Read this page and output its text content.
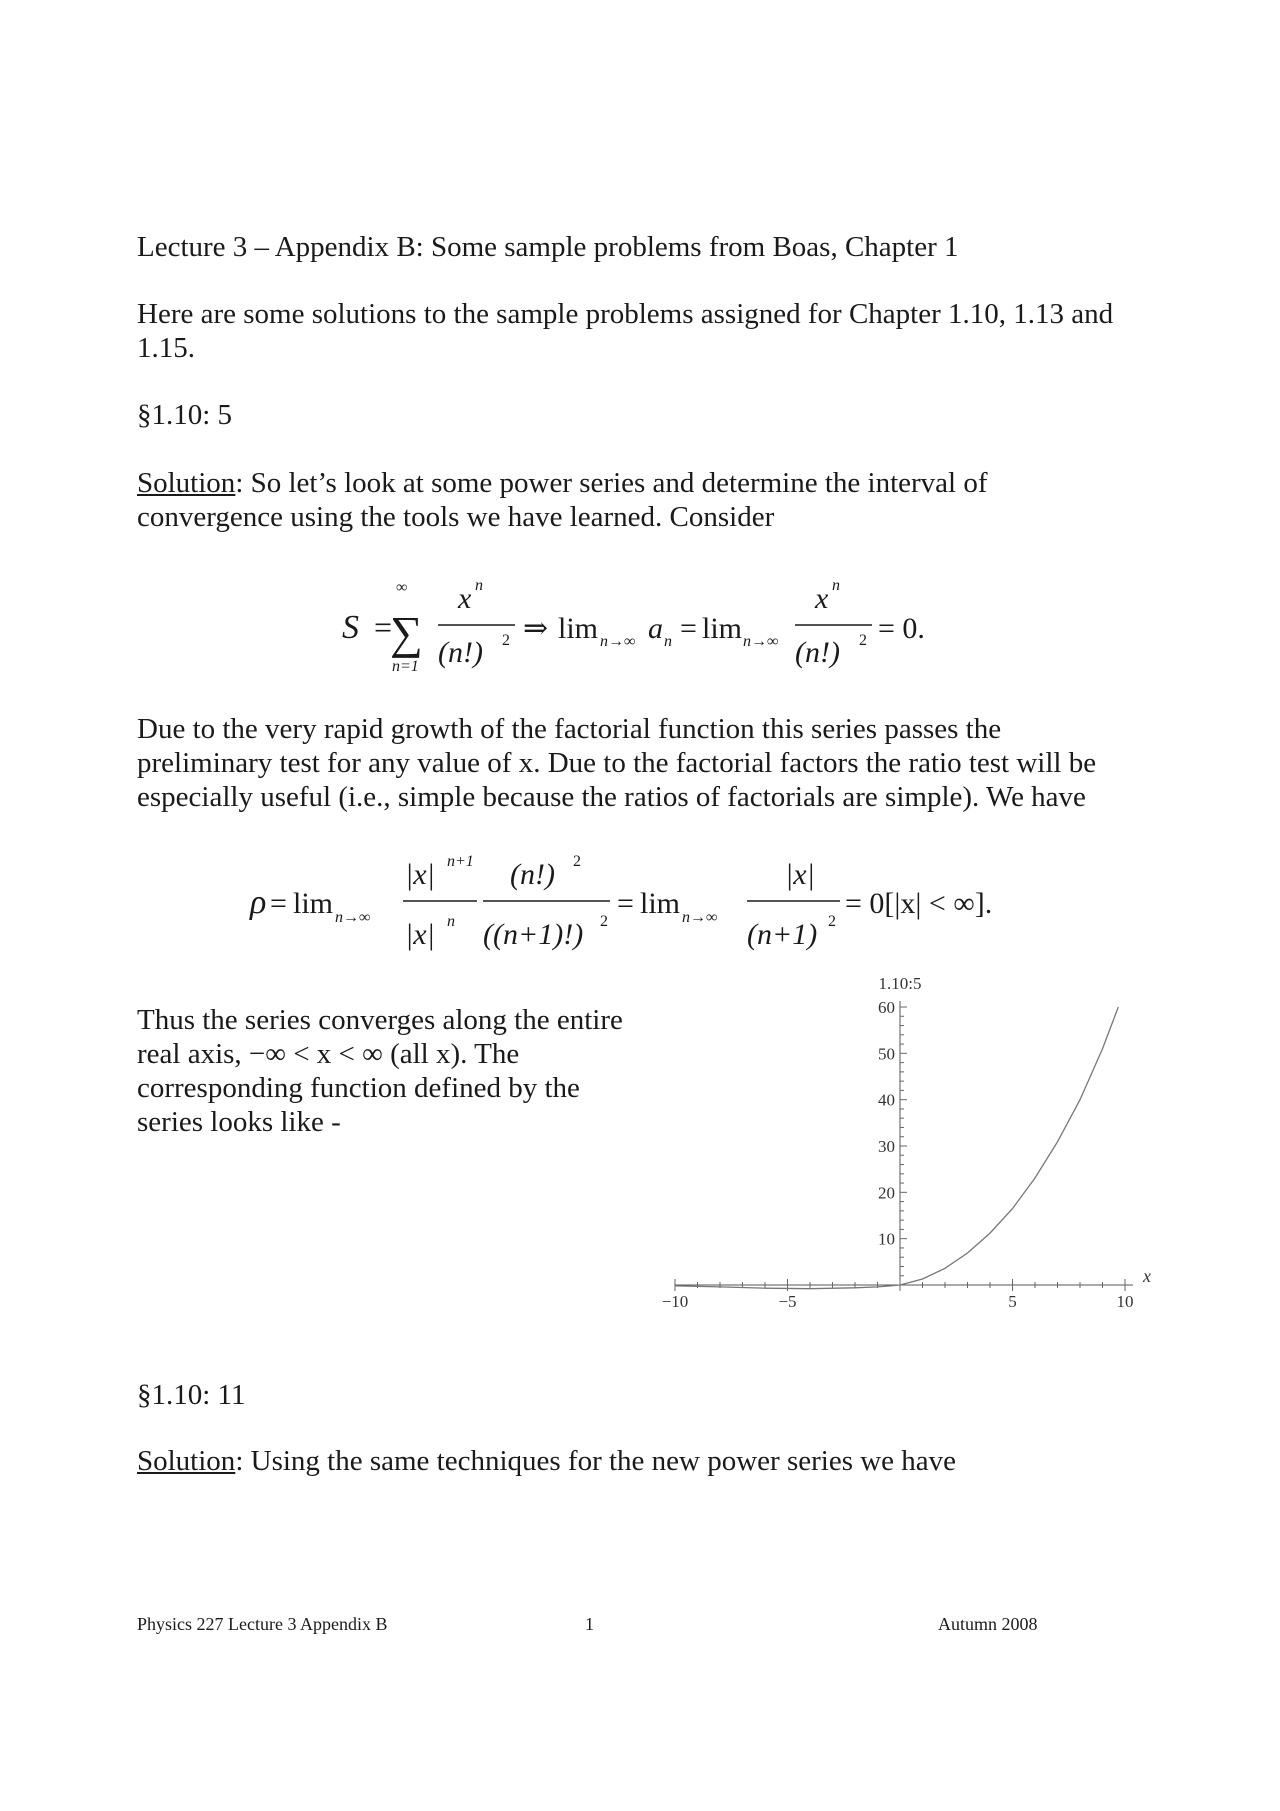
Lecture 3 – Appendix B: Some sample problems from Boas, Chapter 1
Here are some solutions to the sample problems assigned for Chapter 1.10, 1.13 and
1.15.
§1.10: 5
Solution: So let’s look at some power series and determine the interval of
convergence using the tools we have learned. Consider
S =
∞
∑
n=1
x n
(n!) 2 ⇒ lim n→∞ a n = lim n→∞
x n
(n!) 2 = 0.
Due to the very rapid growth of the factorial function this series passes the
preliminary test for any value of x. Due to the factorial factors the ratio test will be
especially useful (i.e., simple because the ratios of factorials are simple). We have
ρ = lim n→∞
|x| n+1
|x| n
(n!) 2
((n+1)!) 2
= lim n→∞
|x|
(n+1) 2
= 0[|x| < ∞].
Thus the series converges along the entire
real axis, −∞ < x < ∞ (all x). The
corresponding function defined by the
series looks like -
−10	−5	5	10
10
20
30
40
50
60
1.10:5
x
§1.10: 11
Solution: Using the same techniques for the new power series we have
Physics 227 Lecture 3 Appendix B	1	Autumn 2008
